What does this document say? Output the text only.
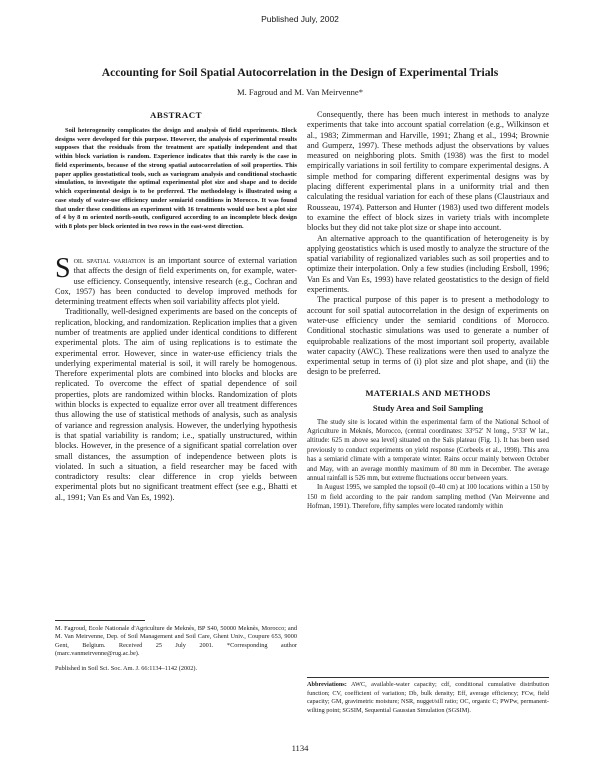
Published July, 2002
Accounting for Soil Spatial Autocorrelation in the Design of Experimental Trials
M. Fagroud and M. Van Meirvenne*
ABSTRACT

Soil heterogeneity complicates the design and analysis of field experiments. Block designs were developed for this purpose. However, the analysis of experimental results supposes that the residuals from the treatment are spatially independent and that within block variation is random. Experience indicates that this rarely is the case in field experiments, because of the strong spatial autocorrelation of soil properties. This paper applies geostatistical tools, such as variogram analysis and conditional stochastic simulation, to investigate the optimal experimental plot size and shape and to decide which experimental design is to be preferred. The methodology is illustrated using a case study of water-use efficiency under semiarid conditions in Morocco. It was found that under these conditions an experiment with 16 treatments would use best a plot size of 4 by 8 m oriented north-south, configured according to an incomplete block design with 8 plots per block oriented in two rows in the east-west direction.

Soil spatial variation is an important source of external variation that affects the design of field experiments on, for example, water-use efficiency. Consequently, intensive research (e.g., Cochran and Cox, 1957) has been conducted to develop improved methods for determining treatment effects when soil variability affects plot yield.

Traditionally, well-designed experiments are based on the concepts of replication, blocking, and randomization. Replication implies that a given number of treatments are applied under identical conditions to different experimental plots. The aim of using replications is to estimate the experimental error. However, since in water-use efficiency trials the underlying experimental material is soil, it will rarely be homogenous. Therefore experimental plots are combined into blocks and blocks are replicated. To overcome the effect of spatial dependence of soil properties, plots are randomized within blocks. Randomization of plots within blocks is expected to equalize error over all treatment differences thus allowing the use of statistical methods of analysis, such as analysis of variance and regression analysis. However, the underlying hypothesis is that spatial variability is random; i.e., spatially unstructured, within blocks. However, in the presence of a significant spatial correlation over small distances, the assumption of independence between plots is violated. In such a situation, a field researcher may be faced with contradictory results: clear difference in crop yields between experimental plots but no significant treatment effect (see e.g., Bhatti et al., 1991; Van Es and Van Es, 1992).

M. Fagroud, Ecole Nationale d'Agriculture de Meknès, BP S40, 50000 Meknès, Morocco; and M. Van Meirvenne, Dep. of Soil Management and Soil Care, Ghent Univ., Coupure 653, 9000 Gent, Belgium. Received 25 July 2001. *Corresponding author (marc.vanmeirvenne@rug.ac.be).

Published in Soil Sci. Soc. Am. J. 66:1134–1142 (2002).

Consequently, there has been much interest in methods to analyze experiments that take into account spatial correlation (e.g., Wilkinson et al., 1983; Zimmerman and Harville, 1991; Zhang et al., 1994; Brownie and Gumperz, 1997). These methods adjust the observations by values measured on neighboring plots. Smith (1938) was the first to model empirically variations in soil fertility to compare experimental designs. A simple method for comparing different experimental designs was by placing different experimental plans in a uniformity trial and then calculating the residual variation for each of these plans (Claustriaux and Rousseau, 1974). Patterson and Hunter (1983) used two different models to examine the effect of block sizes in variety trials with incomplete blocks but they did not take plot size or shape into account.

An alternative approach to the quantification of heterogeneity is by applying geostatistics which is used mostly to analyze the structure of the spatial variability of regionalized variables such as soil properties and to optimize their interpolation. Only a few studies (including Ersboll, 1996; Van Es and Van Es, 1993) have related geostatistics to the design of field experiments.

The practical purpose of this paper is to present a methodology to account for soil spatial autocorrelation in the design of experiments on water-use efficiency under the semiarid conditions of Morocco. Conditional stochastic simulations was used to generate a number of equiprobable realizations of the most important soil property, available water capacity (AWC). These realizations were then used to analyze the experimental setup in terms of (i) plot size and plot shape, and (ii) the design to be preferred.

MATERIALS AND METHODS
Study Area and Soil Sampling

The study site is located within the experimental farm of the National School of Agriculture in Meknès, Morocco, (central coordinates: 33°52′ N long., 5°33′ W lat., altitude: 625 m above sea level) situated on the Saïs plateau (Fig. 1). It has been used previously to conduct experiments on yield response (Corbeels et al., 1998). This area has a semiarid climate with a temperate winter. Rains occur mainly between October and May, with an average monthly maximum of 80 mm in December. The average annual rainfall is 526 mm, but extreme fluctuations occur between years.

In August 1995, we sampled the topsoil (0–40 cm) at 100 locations within a 150 by 150 m field according to the pair random sampling method (Van Meirvenne and Hofman, 1991). Therefore, fifty samples were located randomly within

Abbreviations: AWC, available-water capacity; cdf, conditional cumulative distribution function; CV, coefficient of variation; Db, bulk density; Eff, average efficiency; FCw, field capacity; GM, gravimetric moisture; NSR, nugget/sill ratio; OC, organic C; PWPw, permanent-wilting point; SGSIM, Sequential Gaussian Simulation (SGSIM).
1134
